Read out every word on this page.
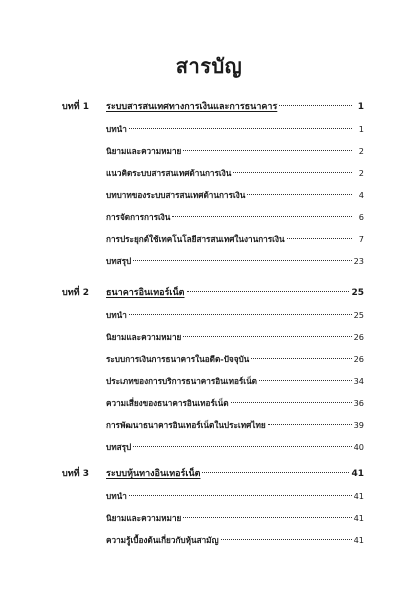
สารบัญ
บทที่ 1 ระบบสารสนเทศทางการเงินและการธนาคาร	1
บทนำ	1
นิยามและความหมาย	2
แนวคิดระบบสารสนเทศด้านการเงิน	2
บทบาทของระบบสารสนเทศด้านการเงิน	4
การจัดการการเงิน	6
การประยุกต์ใช้เทคโนโลยีสารสนเทศในงานการเงิน	7
บทสรุป	23
บทที่ 2 ธนาคารอินเทอร์เน็ต	25
บทนำ	25
นิยามและความหมาย	26
ระบบการเงินการธนาคารในอดีต-ปัจจุบัน	26
ประเภทของการบริการธนาคารอินเทอร์เน็ต	34
ความเสี่ยงของธนาคารอินเทอร์เน็ต	36
การพัฒนาธนาคารอินเทอร์เน็ตในประเทศไทย	39
บทสรุป	40
บทที่ 3 ระบบหุ้นทางอินเทอร์เน็ต	41
บทนำ	41
นิยามและความหมาย	41
ความรู้เบื้องต้นเกี่ยวกับหุ้นสามัญ	41
